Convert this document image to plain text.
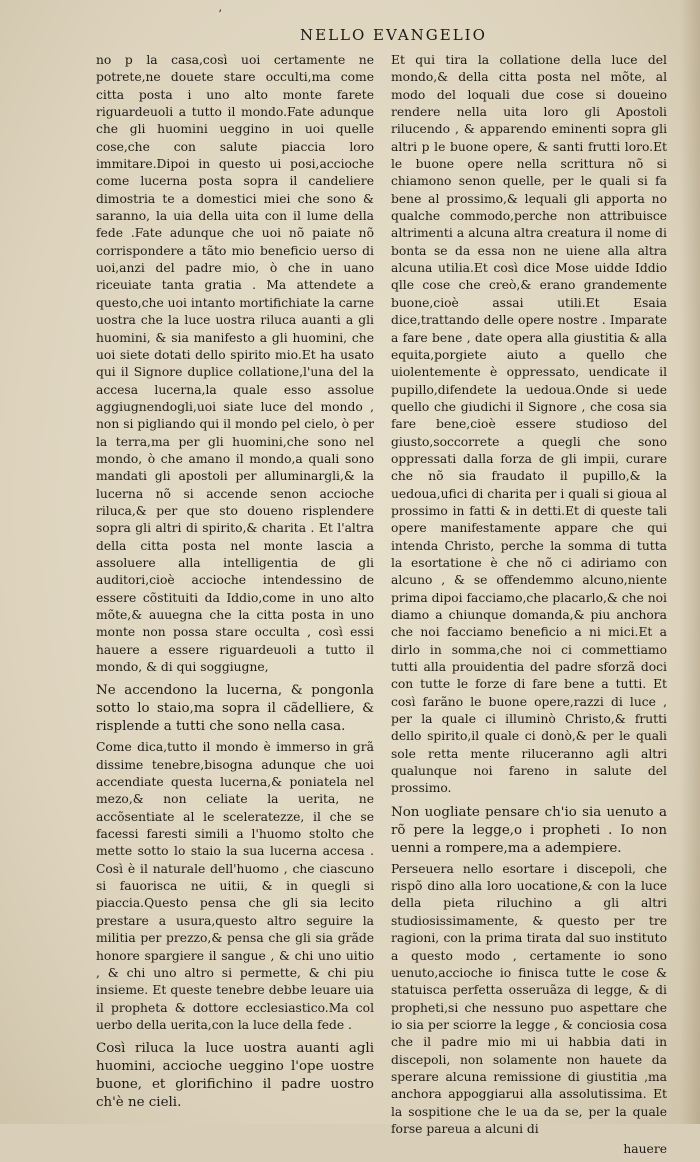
ʼ
NELLO EVANGELIO

no p la casa,così uoi certamente ne potrete,ne douete stare occulti,ma come citta posta i uno alto monte farete riguardeuoli a tutto il mondo.Fate adunque che gli huomini ueggino in uoi quelle cose,che con salute piaccia loro immitare.Dipoi in questo ui posi,accioche come lucerna posta sopra il candeliere dimostria te a domestici miei che sono & saranno, la uia della uita con il lume della fede .Fate adunque che uoi nõ paiate nõ corrispondere a tãto mio beneficio uerso di uoi,anzi del padre mio, ò che in uano riceuiate tanta gratia . Ma attendete a questo,che uoi intanto mortifichiate la carne uostra che la luce uostra riluca auanti a gli huomini, & sia manifesto a gli huomini, che uoi siete dotati dello spirito mio.Et ha usato qui il Signore duplice collatione,l'una del la accesa lucerna,la quale esso assolue aggiugnendogli,uoi siate luce del mondo , non si pigliando qui il mondo pel cielo, ò per la terra,ma per gli huomini,che sono nel mondo, ò che amano il mondo,a quali sono mandati gli apostoli per alluminargli,& la lucerna nõ si accende senon accioche riluca,& per que sto doueno risplendere sopra gli altri di spirito,& charita . Et l'altra della citta posta nel monte lascia a assoluere alla intelligentia de gli auditori,cioè accioche intendessino de essere cõstituiti da Iddio,come in uno alto mõte,& auuegna che la citta posta in uno monte non possa stare occulta , così essi hauere a essere riguardeuoli a tutto il mondo, & di qui soggiugne,

Ne accendono la lucerna, & pongonla sotto lo staio,ma sopra il cãdelliere, & risplende a tutti che sono nella casa.

Come dica,tutto il mondo è immerso in grã dissime tenebre,bisogna adunque che uoi accendiate questa lucerna,& poniatela nel mezo,& non celiate la uerita, ne accõsentiate al le sceleratezze, il che se facessi faresti simili a l'huomo stolto che mette sotto lo staio la sua lucerna accesa . Così è il naturale dell'huomo , che ciascuno si fauorisca ne uitii, & in quegli si piaccia.Questo pensa che gli sia lecito prestare a usura,questo altro seguire la militia per prezzo,& pensa che gli sia grãde honore spargiere il sangue , & chi uno uitio , & chi uno altro si permette, & chi piu insieme. Et queste tenebre debbe leuare uia il propheta & dottore ecclesiastico.Ma col uerbo della uerita,con la luce della fede .

Così riluca la luce uostra auanti agli huomini, accioche ueggino l'ope uostre buone, et glorifichino il padre uostro ch'è ne cieli.

Et qui tira la collatione della luce del mondo,& della citta posta nel mõte, al modo del loquali due cose si doueino rendere nella uita loro gli Apostoli rilucendo , & apparendo eminenti sopra gli altri p le buone opere, & santi frutti loro.Et le buone opere nella scrittura nõ si chiamono senon quelle, per le quali si fa bene al prossimo,& lequali gli apporta no qualche commodo,perche non attribuisce altrimenti a alcuna altra creatura il nome di bonta se da essa non ne uiene alla altra alcuna utilia.Et così dice Mose uidde Iddio qlle cose che creò,& erano grandemente buone,cioè assai utili.Et Esaia dice,trattando delle opere nostre . Imparate a fare bene , date opera alla giustitia & alla equita,porgiete aiuto a quello che uiolentemente è oppressato, uendicate il pupillo,difendete la uedoua.Onde si uede quello che giudichi il Signore , che cosa sia fare bene,cioè essere studioso del giusto,soccorrete a quegli che sono oppressati dalla forza de gli impii, curare che nõ sia fraudato il pupillo,& la uedoua,ufici di charita per i quali si gioua al prossimo in fatti & in detti.Et di queste tali opere manifestamente appare che qui intenda Christo, perche la somma di tutta la esortatione è che nõ ci adiriamo con alcuno , & se offendemmo alcuno,niente prima dipoi facciamo,che placarlo,& che noi diamo a chiunque domanda,& piu anchora che noi facciamo beneficio a ni mici.Et a dirlo in somma,che noi ci commettiamo tutti alla prouidentia del padre sforzã doci con tutte le forze di fare bene a tutti. Et così farãno le buone opere,razzi di luce , per la quale ci illuminò Christo,& frutti dello spirito,il quale ci donò,& per le quali sole retta mente riluceranno agli altri qualunque noi fareno in salute del prossimo.

Non uogliate pensare ch'io sia uenuto a rõ pere la legge,o i propheti . Io non uenni a rompere,ma a adempiere.

Perseuera nello esortare i discepoli, che rispõ dino alla loro uocatione,& con la luce della pieta riluchino a gli altri studiosissimamente, & questo per tre ragioni, con la prima tirata dal suo instituto a questo modo , certamente io sono uenuto,accioche io finisca tutte le cose & statuisca perfetta osseruãza di legge, & di propheti,si che nessuno puo aspettare che io sia per sciorre la legge , & conciosia cosa che il padre mio mi ui habbia dati in discepoli, non solamente non hauete da sperare alcuna remissione di giustitia ,ma anchora appoggiarui alla assolutissima. Et la sospitione che le ua da se, per la quale forse pareua a alcuni di

hauere
